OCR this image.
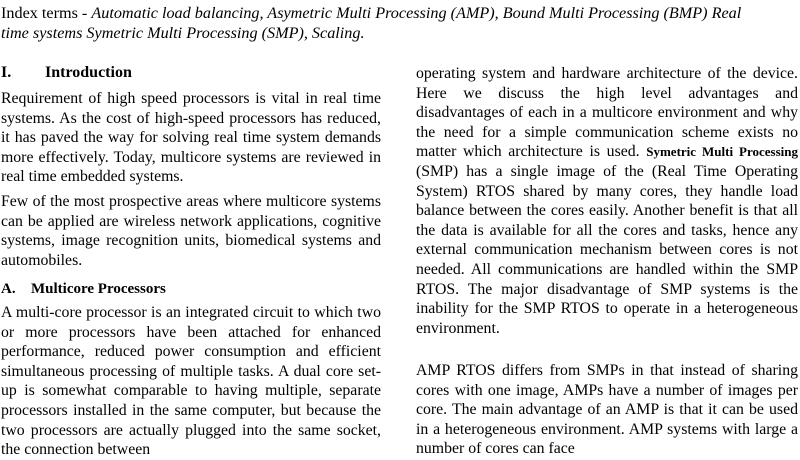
Index terms - Automatic load balancing, Asymetric Multi Processing (AMP), Bound Multi Processing (BMP) Real
time systems Symetric Multi Processing (SMP), Scaling.
I. Introduction

Requirement of high speed processors is vital in real time systems. As the cost of high-speed processors has reduced, it has paved the way for solving real time system demands more effectively. Today, multicore systems are reviewed in real time embedded systems.

Few of the most prospective areas where multicore systems can be applied are wireless network applications, cognitive systems, image recognition units, biomedical systems and automobiles.

A. Multicore Processors

A multi-core processor is an integrated circuit to which two or more processors have been attached for enhanced performance, reduced power consumption and efficient simultaneous processing of multiple tasks. A dual core set-up is somewhat comparable to having multiple, separate processors installed in the same computer, but because the two processors are actually plugged into the same socket, the connection between

operating system and hardware architecture of the device. Here we discuss the high level advantages and disadvantages of each in a multicore environment and why the need for a simple communication scheme exists no matter which architecture is used. Symetric Multi Processing (SMP) has a single image of the (Real Time Operating System) RTOS shared by many cores, they handle load balance between the cores easily. Another benefit is that all the data is available for all the cores and tasks, hence any external communication mechanism between cores is not needed. All communications are handled within the SMP RTOS. The major disadvantage of SMP systems is the inability for the SMP RTOS to operate in a heterogeneous environment.

AMP RTOS differs from SMPs in that instead of sharing cores with one image, AMPs have a number of images per core. The main advantage of an AMP is that it can be used in a heterogeneous environment. AMP systems with large a number of cores can face
